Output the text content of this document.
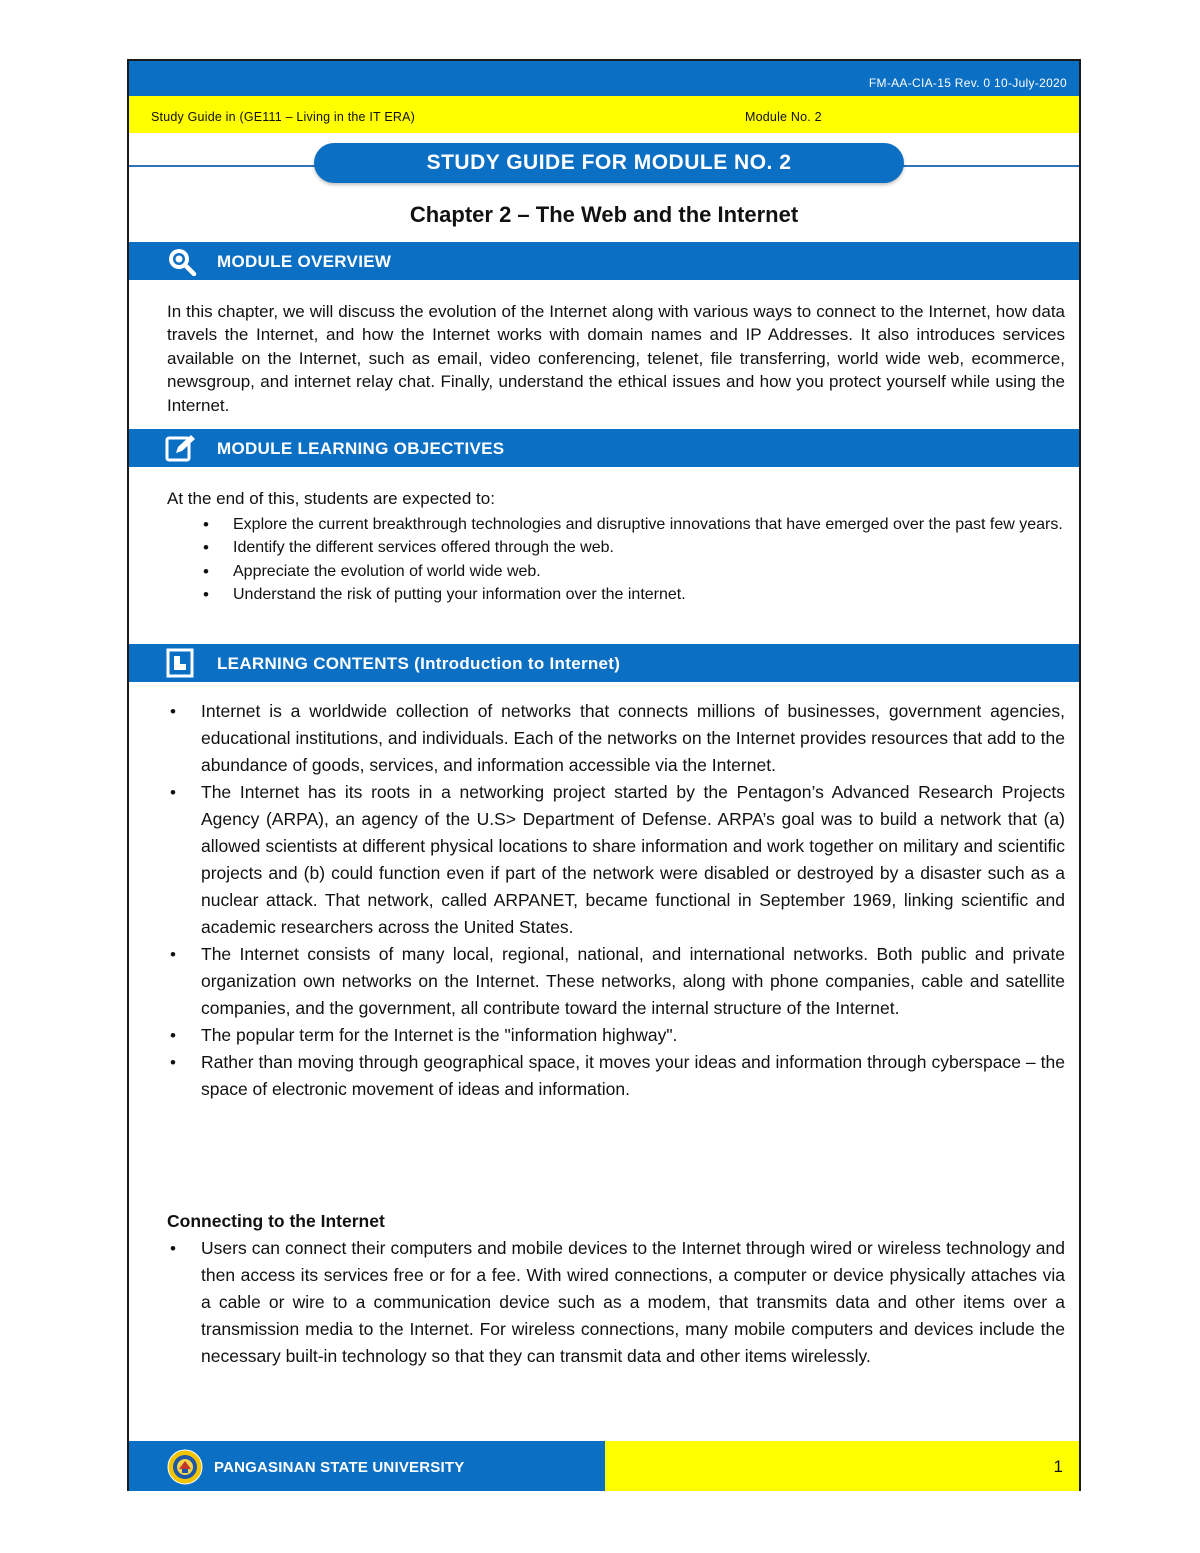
FM-AA-CIA-15 Rev. 0 10-July-2020
Study Guide in (GE111 – Living in the IT ERA)	Module No. 2
STUDY GUIDE FOR MODULE NO. 2
Chapter 2 – The Web and the Internet
MODULE OVERVIEW
In this chapter, we will discuss the evolution of the Internet along with various ways to connect to the Internet, how data travels the Internet, and how the Internet works with domain names and IP Addresses. It also introduces services available on the Internet, such as email, video conferencing, telenet, file transferring, world wide web, ecommerce, newsgroup, and internet relay chat. Finally, understand the ethical issues and how you protect yourself while using the Internet.
MODULE LEARNING OBJECTIVES
At the end of this, students are expected to:
• Explore the current breakthrough technologies and disruptive innovations that have emerged over the past few years.
• Identify the different services offered through the web.
• Appreciate the evolution of world wide web.
• Understand the risk of putting your information over the internet.
LEARNING CONTENTS (Introduction to Internet)
• Internet is a worldwide collection of networks that connects millions of businesses, government agencies, educational institutions, and individuals. Each of the networks on the Internet provides resources that add to the abundance of goods, services, and information accessible via the Internet.
• The Internet has its roots in a networking project started by the Pentagon’s Advanced Research Projects Agency (ARPA), an agency of the U.S> Department of Defense. ARPA’s goal was to build a network that (a) allowed scientists at different physical locations to share information and work together on military and scientific projects and (b) could function even if part of the network were disabled or destroyed by a disaster such as a nuclear attack. That network, called ARPANET, became functional in September 1969, linking scientific and academic researchers across the United States.
• The Internet consists of many local, regional, national, and international networks. Both public and private organization own networks on the Internet. These networks, along with phone companies, cable and satellite companies, and the government, all contribute toward the internal structure of the Internet.
• The popular term for the Internet is the "information highway".
• Rather than moving through geographical space, it moves your ideas and information through cyberspace – the space of electronic movement of ideas and information.
Connecting to the Internet
• Users can connect their computers and mobile devices to the Internet through wired or wireless technology and then access its services free or for a fee. With wired connections, a computer or device physically attaches via a cable or wire to a communication device such as a modem, that transmits data and other items over a transmission media to the Internet. For wireless connections, many mobile computers and devices include the necessary built-in technology so that they can transmit data and other items wirelessly.
PANGASINAN STATE UNIVERSITY	1
